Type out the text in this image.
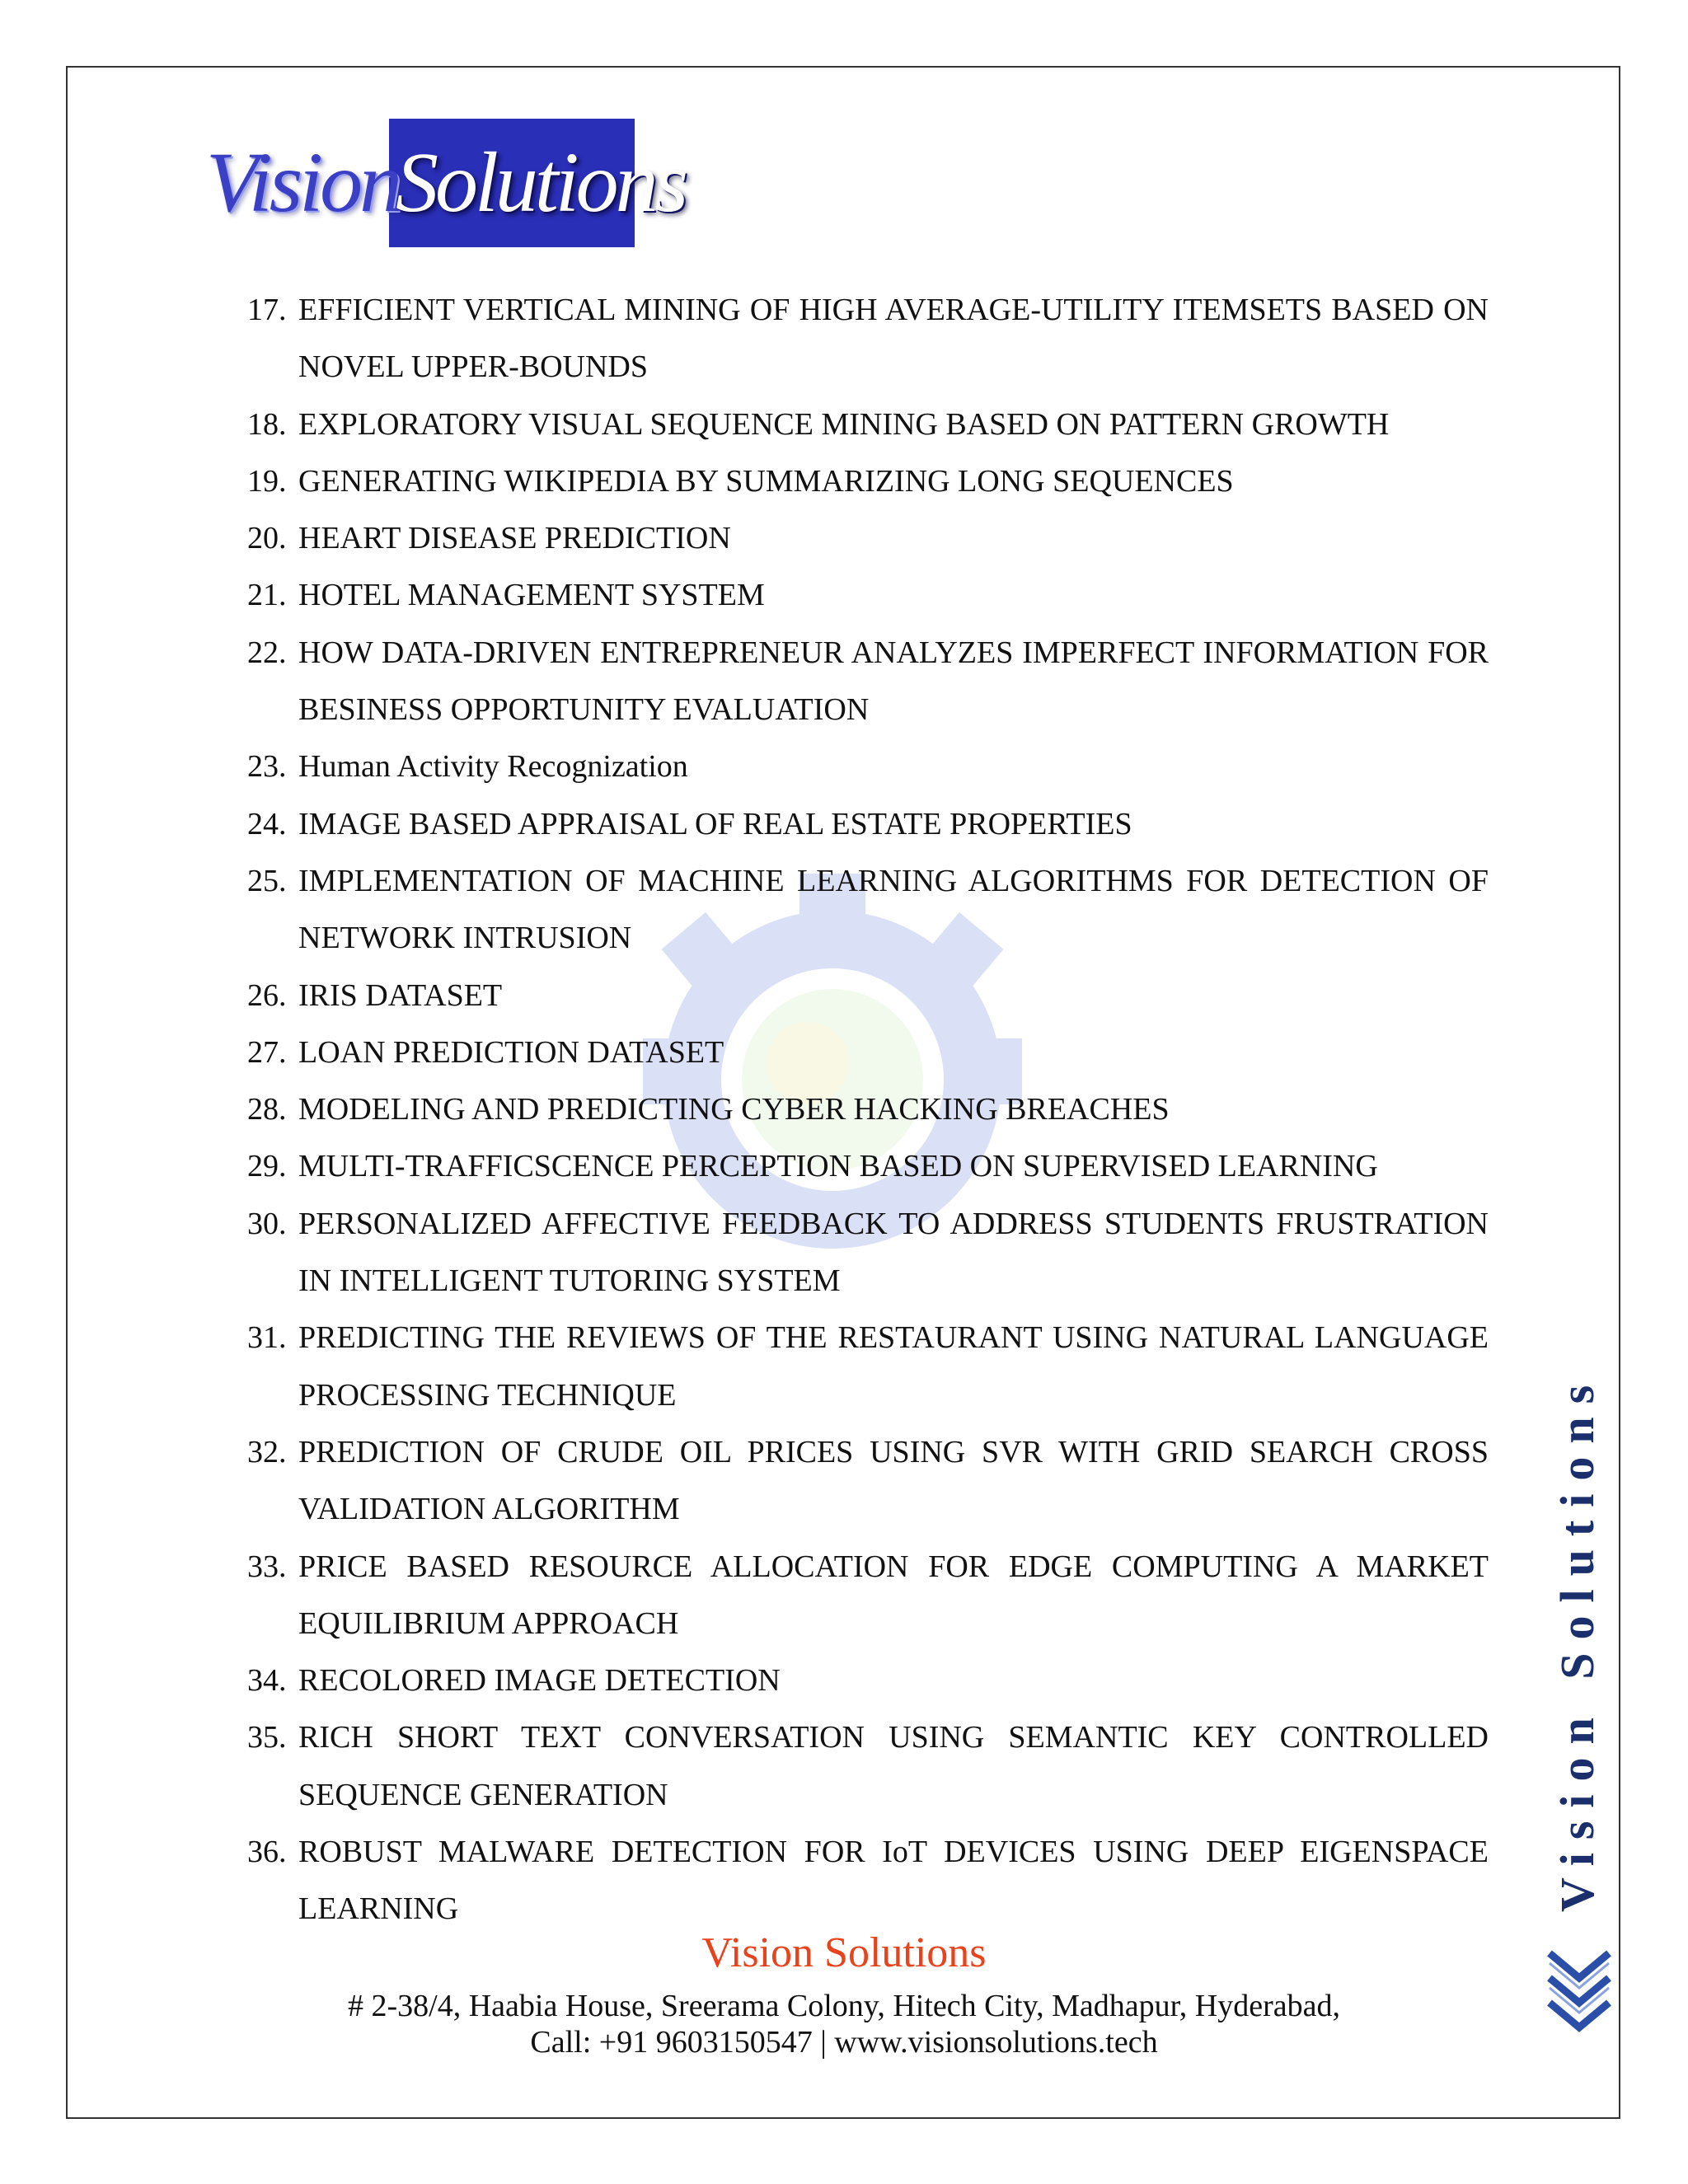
Vision
Solutions
17. EFFICIENT VERTICAL MINING OF HIGH AVERAGE-UTILITY ITEMSETS BASED ON NOVEL UPPER-BOUNDS
18. EXPLORATORY VISUAL SEQUENCE MINING BASED ON PATTERN GROWTH
19. GENERATING WIKIPEDIA BY SUMMARIZING LONG SEQUENCES
20. HEART DISEASE PREDICTION
21. HOTEL MANAGEMENT SYSTEM
22. HOW DATA-DRIVEN ENTREPRENEUR ANALYZES IMPERFECT INFORMATION FOR BESINESS OPPORTUNITY EVALUATION
23. Human Activity Recognization
24. IMAGE BASED APPRAISAL OF REAL ESTATE PROPERTIES
25. IMPLEMENTATION OF MACHINE LEARNING ALGORITHMS FOR DETECTION OF NETWORK INTRUSION
26. IRIS DATASET
27. LOAN PREDICTION DATASET
28. MODELING AND PREDICTING CYBER HACKING BREACHES
29. MULTI-TRAFFICSCENCE PERCEPTION BASED ON SUPERVISED LEARNING
30. PERSONALIZED AFFECTIVE FEEDBACK TO ADDRESS STUDENTS FRUSTRATION IN INTELLIGENT TUTORING SYSTEM
31. PREDICTING THE REVIEWS OF THE RESTAURANT USING NATURAL LANGUAGE PROCESSING TECHNIQUE
32. PREDICTION OF CRUDE OIL PRICES USING SVR WITH GRID SEARCH CROSS VALIDATION ALGORITHM
33. PRICE BASED RESOURCE ALLOCATION FOR EDGE COMPUTING A MARKET EQUILIBRIUM APPROACH
34. RECOLORED IMAGE DETECTION
35. RICH SHORT TEXT CONVERSATION USING SEMANTIC KEY CONTROLLED SEQUENCE GENERATION
36. ROBUST MALWARE DETECTION FOR IoT DEVICES USING DEEP EIGENSPACE LEARNING
Vision Solutions
# 2-38/4, Haabia House, Sreerama Colony, Hitech City, Madhapur, Hyderabad,
Call: +91 9603150547 | www.visionsolutions.tech
Vision Solutions
